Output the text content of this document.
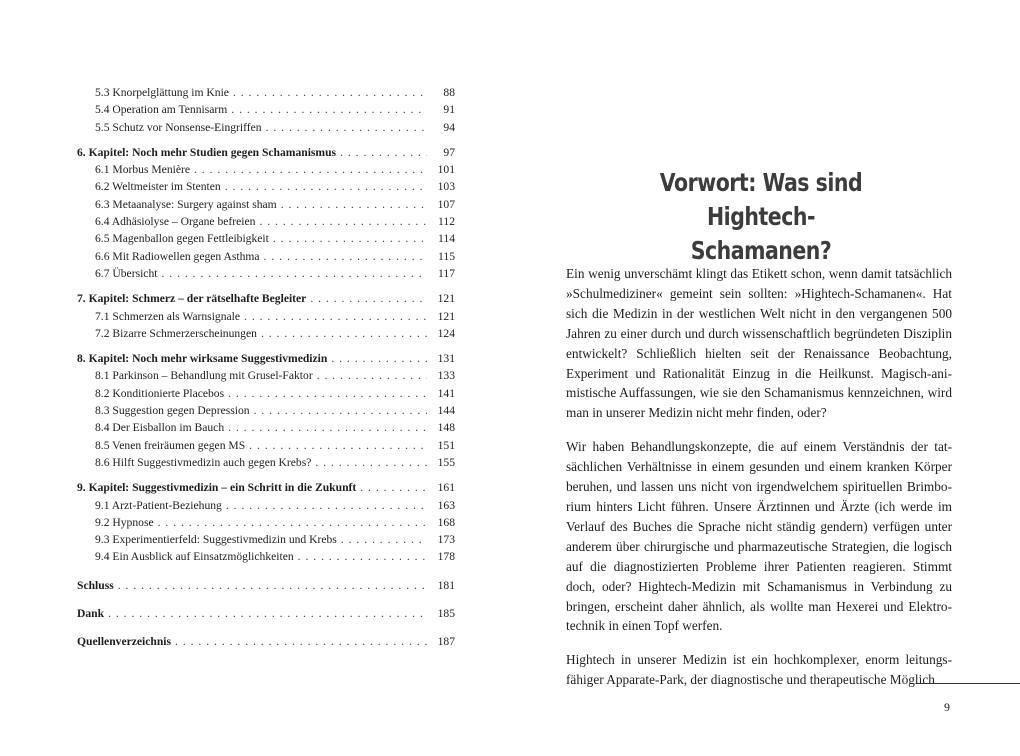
5.3 Knorpelglättung im Knie . . .	88
5.4 Operation am Tennisarm . . .	91
5.5 Schutz vor Nonsense-Eingriffen . . .	94
6. Kapitel: Noch mehr Studien gegen Schamanismus . . .	97
6.1 Morbus Menière . . .	101
6.2 Weltmeister im Stenten . . .	103
6.3 Metaanalyse: Surgery against sham . . .	107
6.4 Adhäsiolyse – Organe befreien . . .	112
6.5 Magenballon gegen Fettleibigkeit . . .	114
6.6 Mit Radiowellen gegen Asthma . . .	115
6.7 Übersicht . . .	117
7. Kapitel: Schmerz – der rätselhafte Begleiter . . .	121
7.1 Schmerzen als Warnsignale . . .	121
7.2 Bizarre Schmerzerscheinungen . . .	124
8. Kapitel: Noch mehr wirksame Suggestivmedizin . . .	131
8.1 Parkinson – Behandlung mit Grusel-Faktor . . .	133
8.2 Konditionierte Placebos . . .	141
8.3 Suggestion gegen Depression . . .	144
8.4 Der Eisballon im Bauch . . .	148
8.5 Venen freiräumen gegen MS . . .	151
8.6 Hilft Suggestivmedizin auch gegen Krebs? . . .	155
9. Kapitel: Suggestivmedizin – ein Schritt in die Zukunft . . .	161
9.1 Arzt-Patient-Beziehung . . .	163
9.2 Hypnose . . .	168
9.3 Experimentierfeld: Suggestivmedizin und Krebs . . .	173
9.4 Ein Ausblick auf Einsatzmöglichkeiten . . .	178
Schluss . . .	181
Dank . . .	185
Quellenverzeichnis . . .	187
Vorwort: Was sind Hightech-
Schamanen?

Ein wenig unverschämt klingt das Etikett schon, wenn damit tatsächlich »Schulmediziner« gemeint sein sollten: »Hightech-Schamanen«. Hat sich die Medizin in der westlichen Welt nicht in den vergangenen 500 Jahren zu einer durch und durch wissenschaftlich begründeten Disziplin entwickelt? Schließlich hielten seit der Renaissance Beobachtung, Experiment und Rationalität Einzug in die Heilkunst. Magisch-animistische Auffassungen, wie sie den Schamanismus kennzeichnen, wird man in unserer Medizin nicht mehr finden, oder?

Wir haben Behandlungskonzepte, die auf einem Verständnis der tatsächlichen Verhältnisse in einem gesunden und einem kranken Körper beruhen, und lassen uns nicht von irgendwelchem spirituellen Brimborium hinters Licht führen. Unsere Ärztinnen und Ärzte (ich werde im Verlauf des Buches die Sprache nicht ständig gendern) verfügen unter anderem über chirurgische und pharmazeutische Strategien, die logisch auf die diagnostizierten Probleme ihrer Patienten reagieren. Stimmt doch, oder? Hightech-Medizin mit Schamanismus in Verbindung zu bringen, erscheint daher ähnlich, als wollte man Hexerei und Elektrotechnik in einen Topf werfen.

Hightech in unserer Medizin ist ein hochkomplexer, enorm leitungsfähiger Apparate-Park, der diagnostische und therapeutische Möglich

9
